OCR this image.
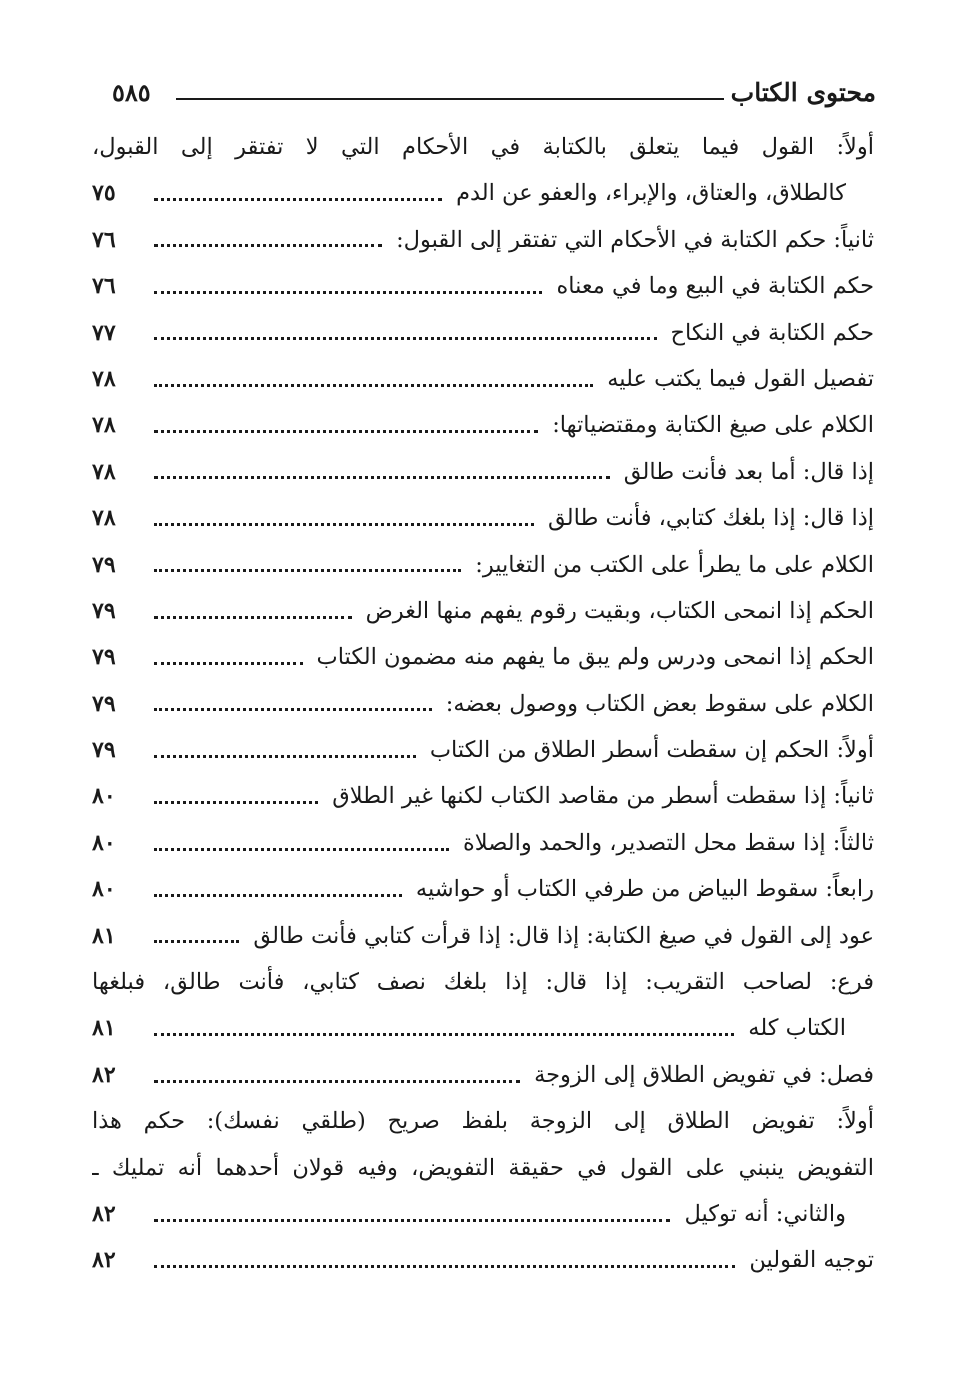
محتوى الكتاب
٥٨٥
أولاً: القول فيما يتعلق بالكتابة في الأحكام التي لا تفتقر إلى القبول،
كالطلاق، والعتاق، والإبراء، والعفو عن الدم
٧٥
ثانياً: حكم الكتابة في الأحكام التي تفتقر إلى القبول:
٧٦
حكم الكتابة في البيع وما في معناه
٧٦
حكم الكتابة في النكاح
٧٧
تفصيل القول فيما يكتب عليه
٧٨
الكلام على صيغ الكتابة ومقتضياتها:
٧٨
إذا قال: أما بعد فأنت طالق
٧٨
إذا قال: إذا بلغك كتابي، فأنت طالق
٧٨
الكلام على ما يطرأ على الكتب من التغايير:
٧٩
الحكم إذا انمحى الكتاب، وبقيت رقوم يفهم منها الغرض
٧٩
الحكم إذا انمحى ودرس ولم يبق ما يفهم منه مضمون الكتاب
٧٩
الكلام على سقوط بعض الكتاب ووصول بعضه:
٧٩
أولاً: الحكم إن سقطت أسطر الطلاق من الكتاب
٧٩
ثانياً: إذا سقطت أسطر من مقاصد الكتاب لكنها غير الطلاق
٨٠
ثالثاً: إذا سقط محل التصدير، والحمد والصلاة
٨٠
رابعاً: سقوط البياض من طرفي الكتاب أو حواشيه
٨٠
عود إلى القول في صيغ الكتابة: إذا قال: إذا قرأت كتابي فأنت طالق
٨١
فرع: لصاحب التقريب: إذا قال: إذا بلغك نصف كتابي، فأنت طالق، فبلغها
الكتاب كله
٨١
فصل: في تفويض الطلاق إلى الزوجة
٨٢
أولاً: تفويض الطلاق إلى الزوجة بلفظ صريح (طلقي نفسك): حكم هذا
التفويض ينبني على القول في حقيقة التفويض، وفيه قولان أحدهما أنه تمليك ـ
والثاني: أنه توكيل
٨٢
توجيه القولين
٨٢
